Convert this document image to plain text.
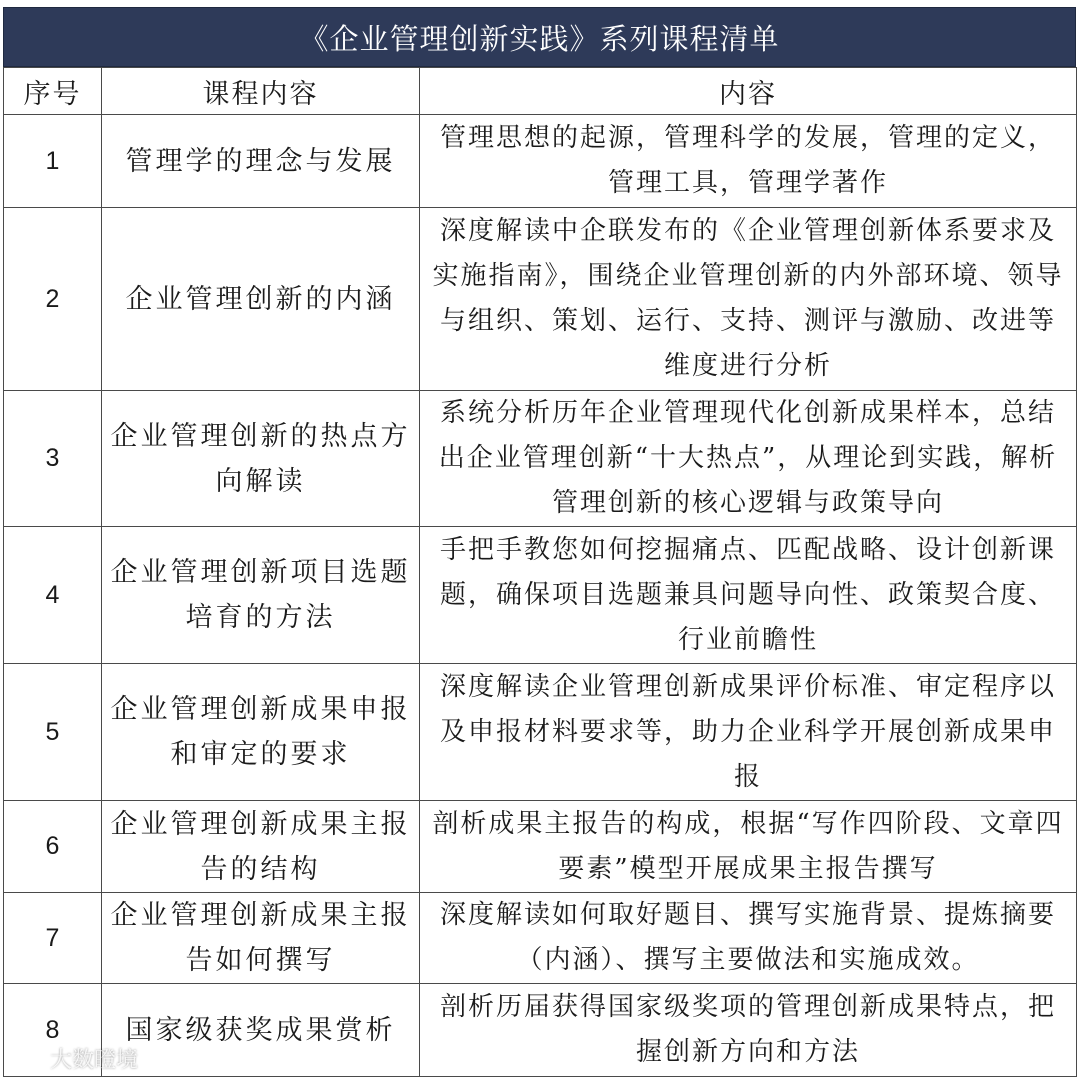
《企业管理创新实践》系列课程清单
序号	课程内容	内容
1	管理学的理念与发展	管理思想的起源，管理科学的发展，管理的定义，管理工具，管理学著作
2	企业管理创新的内涵	深度解读中企联发布的《企业管理创新体系要求及实施指南》，围绕企业管理创新的内外部环境、领导与组织、策划、运行、支持、测评与激励、改进等维度进行分析
3	企业管理创新的热点方向解读	系统分析历年企业管理现代化创新成果样本，总结出企业管理创新“十大热点”，从理论到实践，解析管理创新的核心逻辑与政策导向
4	企业管理创新项目选题培育的方法	手把手教您如何挖掘痛点、匹配战略、设计创新课题，确保项目选题兼具问题导向性、政策契合度、行业前瞻性
5	企业管理创新成果申报和审定的要求	深度解读企业管理创新成果评价标准、审定程序以及申报材料要求等，助力企业科学开展创新成果申报
6	企业管理创新成果主报告的结构	剖析成果主报告的构成，根据“写作四阶段、文章四要素”模型开展成果主报告撰写
7	企业管理创新成果主报告如何撰写	深度解读如何取好题目、撰写实施背景、提炼摘要（内涵）、撰写主要做法和实施成效。
8	国家级获奖成果赏析	剖析历届获得国家级奖项的管理创新成果特点，把握创新方向和方法
大数瞪境
